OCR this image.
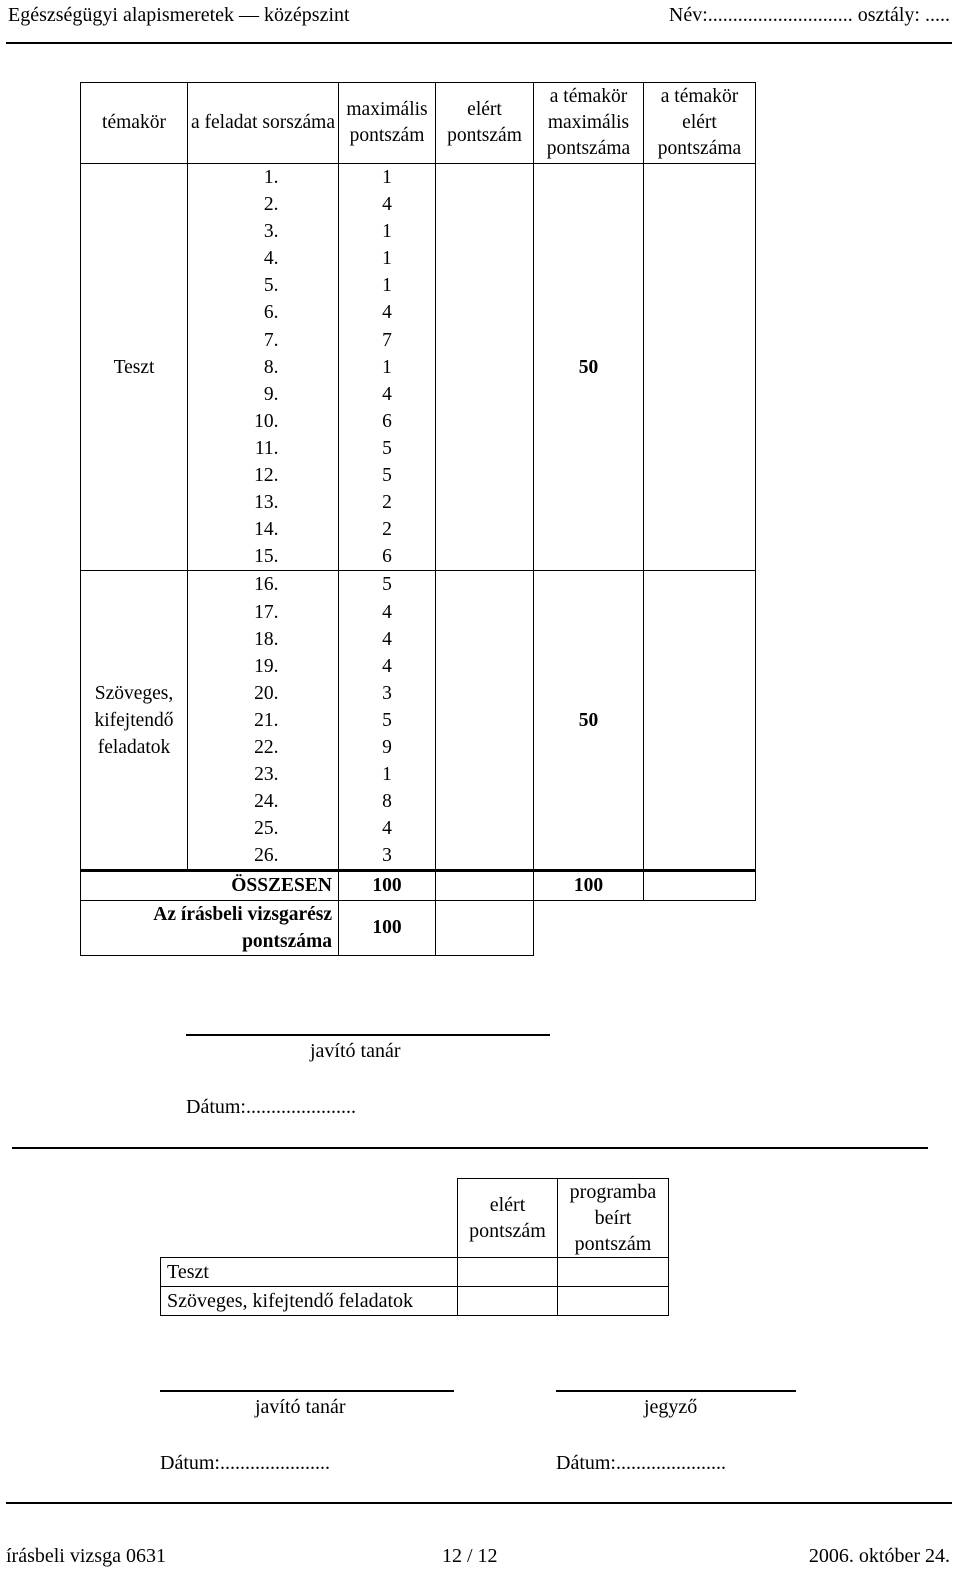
Egészségügyi alapismeretek — középszint	Név:............................. osztály: .....
témakör	a feladat sorszáma		maximális pontszám	elért pontszám	a témakör maximális pontszáma	a témakör elért pontszáma
Teszt	1.		1		50	
	2.		4			
	3.		1			
	4.		1			
	5.		1			
	6.		4			
	7.		7			
	8.		1			
	9.		4			
	10.		6			
	11.		5			
	12.		5			
	13.		2			
	14.		2			
	15.		6			
Szöveges, kifejtendő feladatok	16.		5		50	
	17.		4			
	18.		4			
	19.		4			
	20.		3			
	21.		5			
	22.		9			
	23.		1			
	24.		8			
	25.		4			
	26.		3			
ÖSSZESEN			100		100	
Az írásbeli vizsgarész pontszáma			100			
javító tanár
Dátum:......................
	elért pontszám	programba beírt pontszám
Teszt		
Szöveges, kifejtendő feladatok		
javító tanár
Dátum:......................
jegyző
Dátum:......................
írásbeli vizsga 0631	12 / 12	2006. október 24.
